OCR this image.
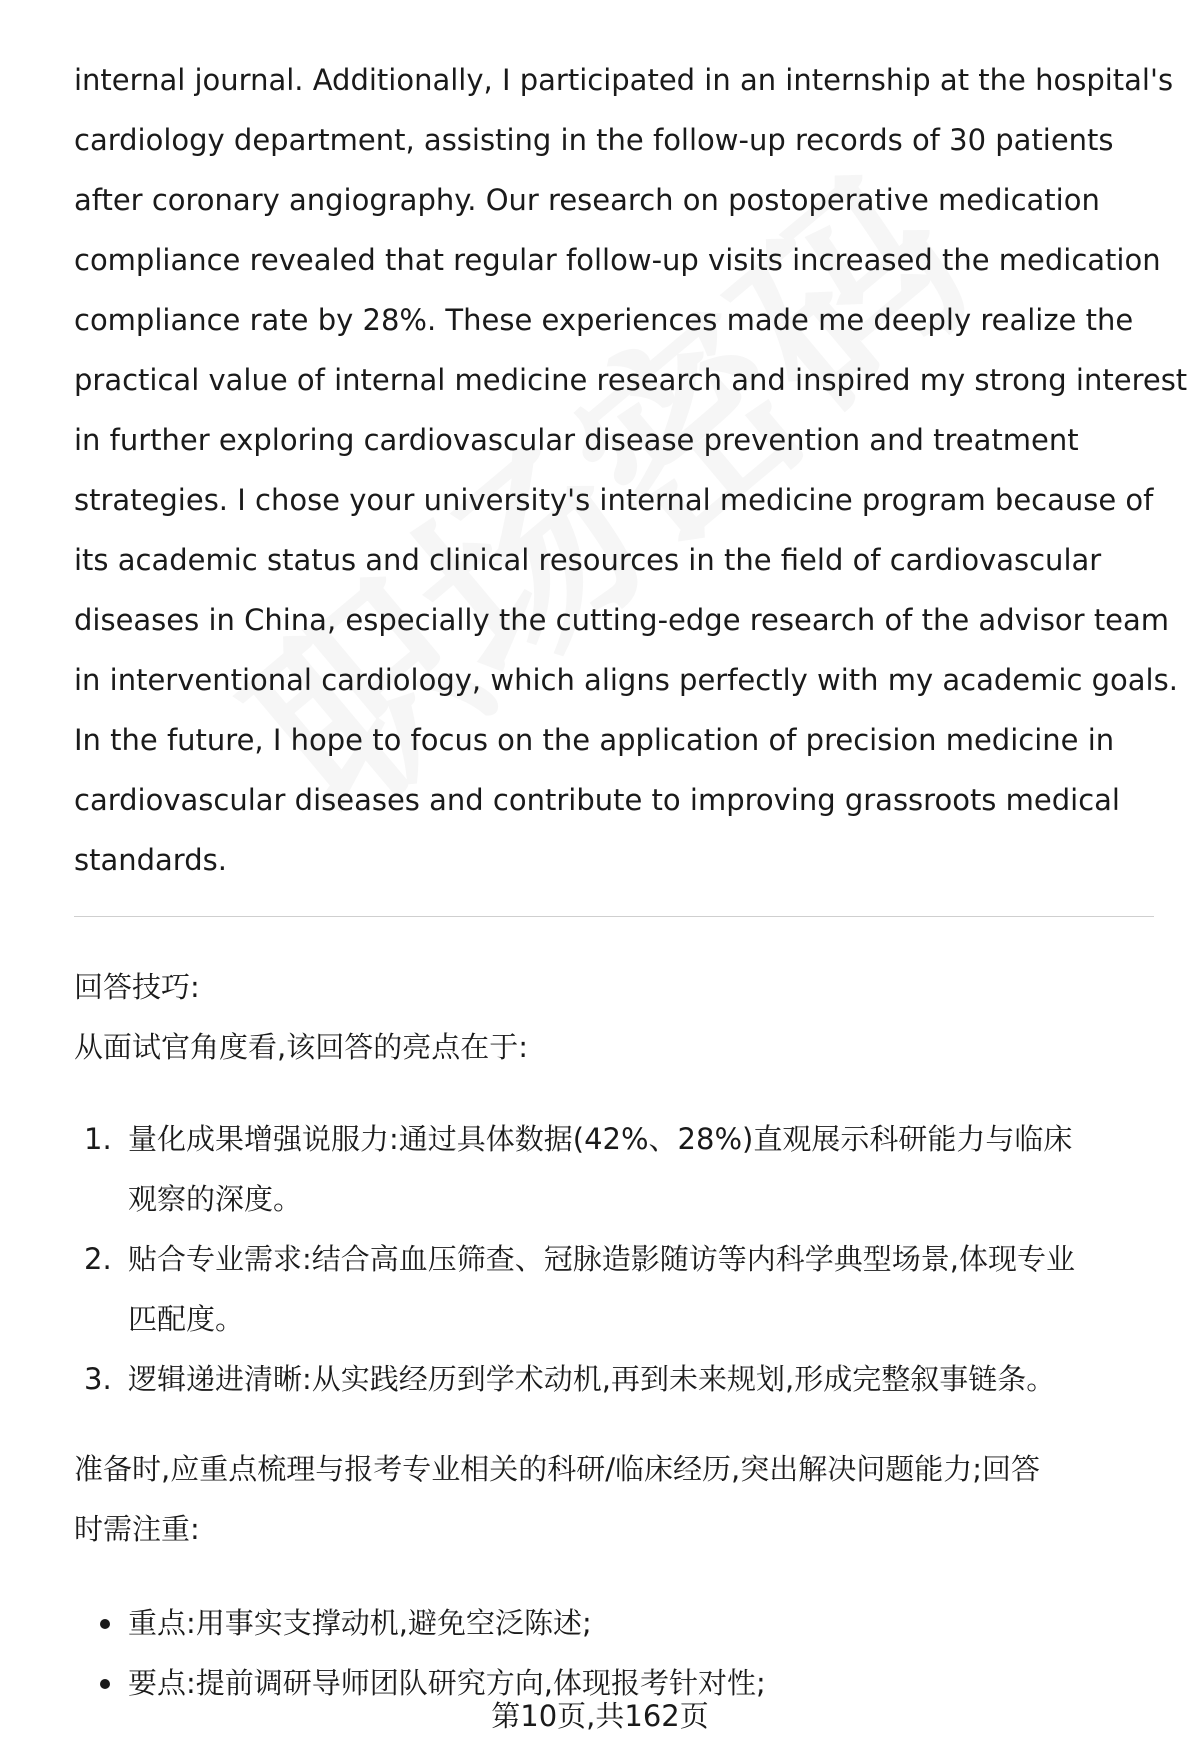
internal journal. Additionally, I participated in an internship at the hospital's
cardiology department, assisting in the follow-up records of 30 patients
after coronary angiography. Our research on postoperative medication
compliance revealed that regular follow-up visits increased the medication
compliance rate by 28%. These experiences made me deeply realize the
practical value of internal medicine research and inspired my strong interest
in further exploring cardiovascular disease prevention and treatment
strategies. I chose your university's internal medicine program because of
its academic status and clinical resources in the field of cardiovascular
diseases in China, especially the cutting-edge research of the advisor team
in interventional cardiology, which aligns perfectly with my academic goals.
In the future, I hope to focus on the application of precision medicine in
cardiovascular diseases and contribute to improving grassroots medical
standards.

回答技巧:
从面试官角度看,该回答的亮点在于:
1. 量化成果增强说服力:通过具体数据(42%、28%)直观展示科研能力与临床
观察的深度。
2. 贴合专业需求:结合高血压筛查、冠脉造影随访等内科学典型场景,体现专业
匹配度。
3. 逻辑递进清晰:从实践经历到学术动机,再到未来规划,形成完整叙事链条。
准备时,应重点梳理与报考专业相关的科研/临床经历,突出解决问题能力;回答
时需注重:
重点:用事实支撑动机,避免空泛陈述;
要点:提前调研导师团队研究方向,体现报考针对性;
第10页,共162页
